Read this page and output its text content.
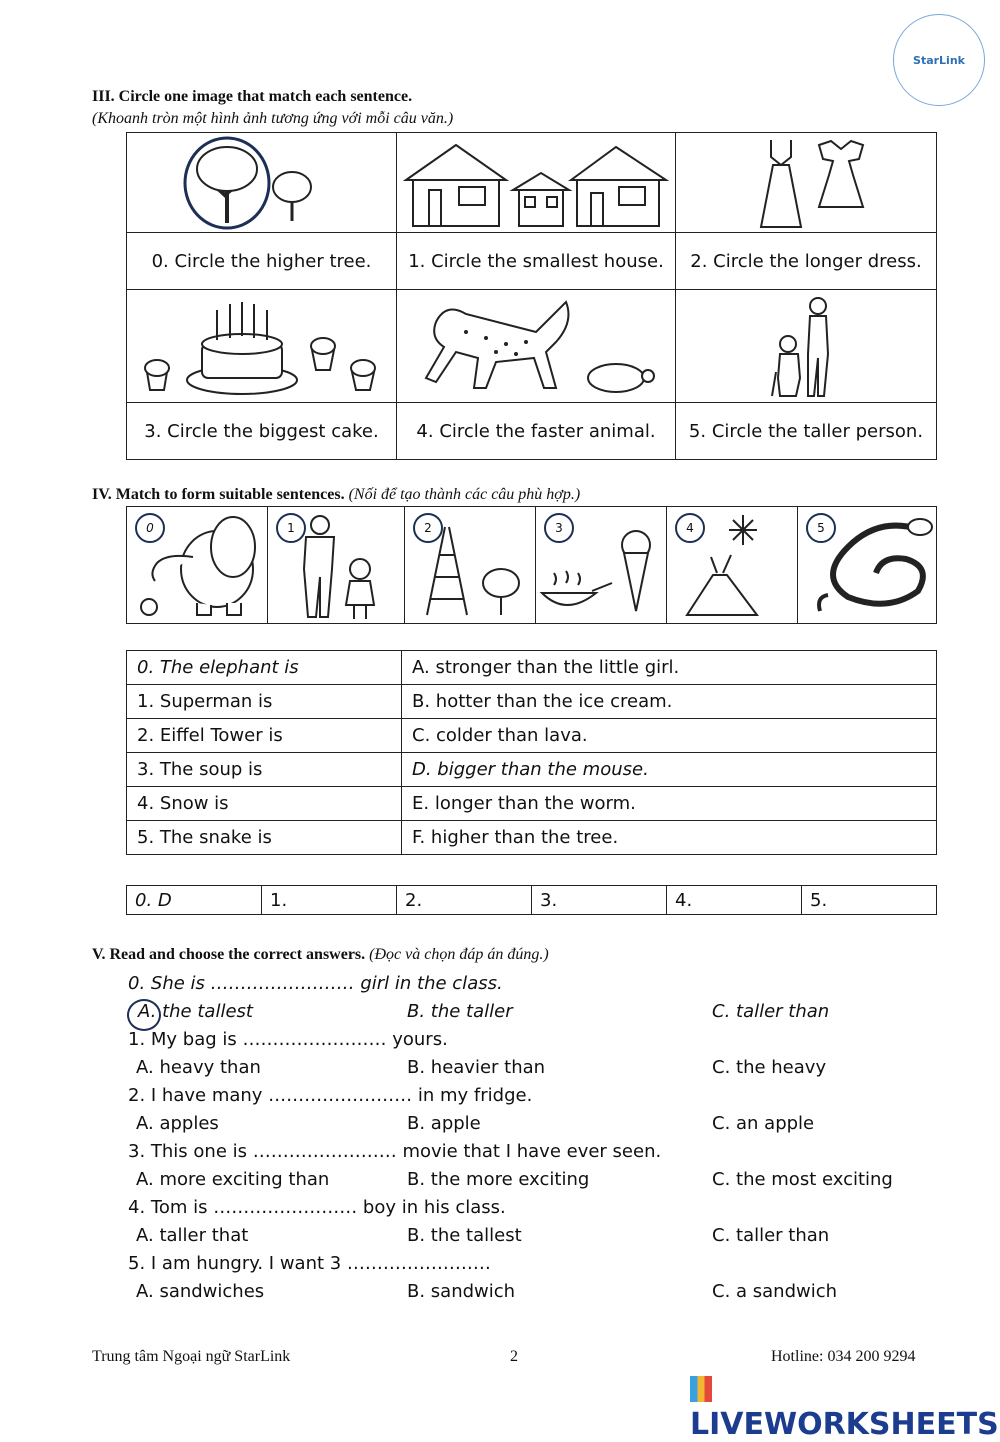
StarLink
III. Circle one image that match each sentence.
(Khoanh tròn một hình ảnh tương ứng với mỗi câu văn.)

0. Circle the higher tree.	1. Circle the smallest house.	2. Circle the longer dress.

3. Circle the biggest cake.	4. Circle the faster animal.	5. Circle the taller person.
IV. Match to form suitable sentences. (Nối để tạo thành các câu phù hợp.)
0	1	2	3	4	5
0. The elephant is	A. stronger than the little girl.
1. Superman is	B. hotter than the ice cream.
2. Eiffel Tower is	C. colder than lava.
3. The soup is	D. bigger than the mouse.
4. Snow is	E. longer than the worm.
5. The snake is	F. higher than the tree.
0. D	1.	2.	3.	4.	5.
V. Read and choose the correct answers. (Đọc và chọn đáp án đúng.)
0. She is …………………… girl in the class.
A. the tallest	B. the taller	C. taller than
1. My bag is …………………… yours.
A. heavy than	B. heavier than	C. the heavy
2. I have many …………………… in my fridge.
A. apples	B. apple	C. an apple
3. This one is …………………… movie that I have ever seen.
A. more exciting than	B. the more exciting	C. the most exciting
4. Tom is …………………… boy in his class.
A. taller that	B. the tallest	C. taller than
5. I am hungry. I want 3 ……………………
A. sandwiches	B. sandwich	C. a sandwich
Trung tâm Ngoại ngữ StarLink	2	Hotline: 034 200 9294
LIVEWORKSHEETS
